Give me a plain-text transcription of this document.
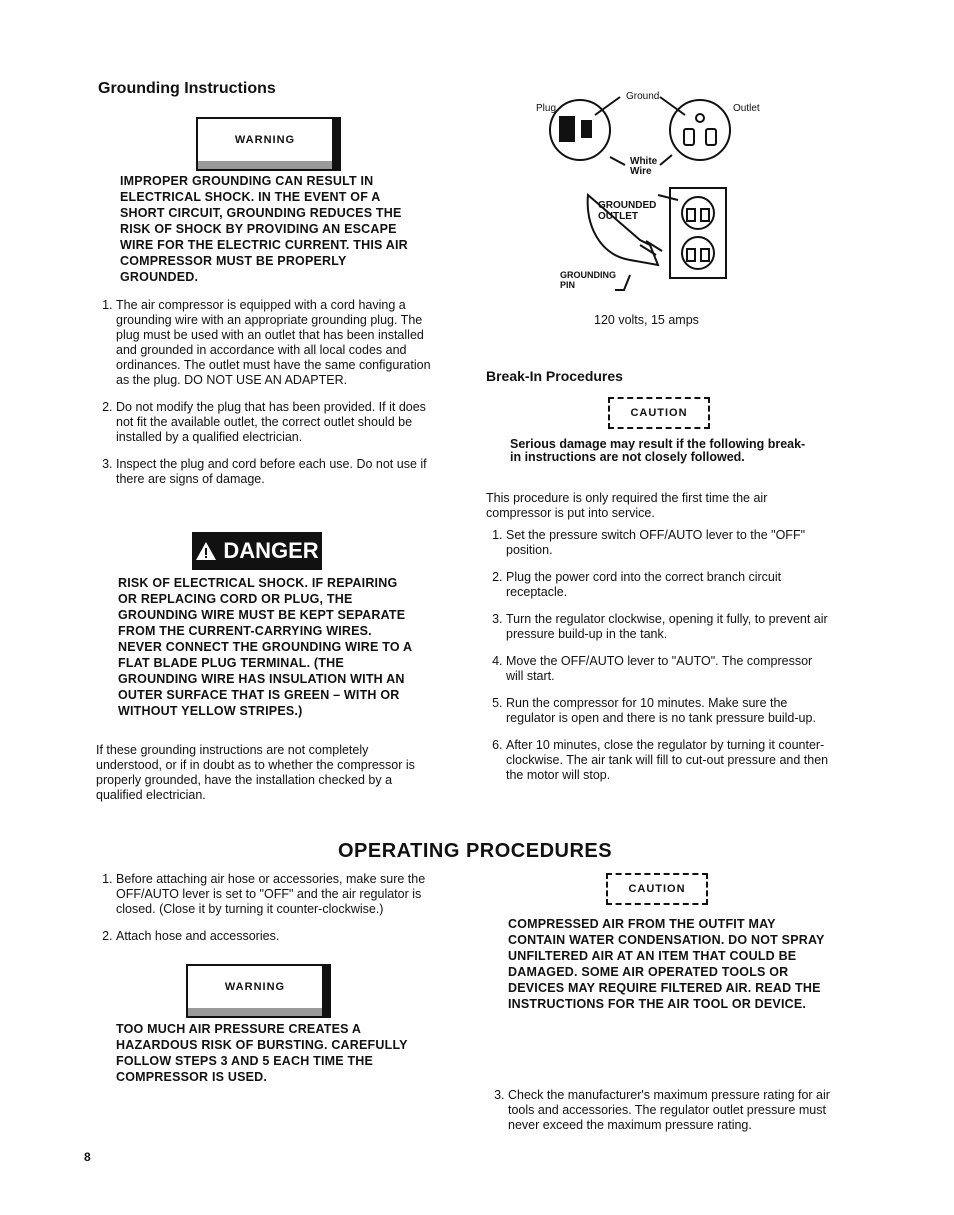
Grounding Instructions
WARNING
IMPROPER GROUNDING CAN RESULT IN ELECTRICAL SHOCK. IN THE EVENT OF A SHORT CIRCUIT, GROUNDING REDUCES THE RISK OF SHOCK BY PROVIDING AN ESCAPE WIRE FOR THE ELECTRIC CURRENT. THIS AIR COMPRESSOR MUST BE PROPERLY GROUNDED.
1. The air compressor is equipped with a cord having a grounding wire with an appropriate grounding plug. The plug must be used with an outlet that has been installed and grounded in accordance with all local codes and ordinances. The outlet must have the same configuration as the plug. DO NOT USE AN ADAPTER.
2. Do not modify the plug that has been provided. If it does not fit the available outlet, the correct outlet should be installed by a qualified electrician.
3. Inspect the plug and cord before each use. Do not use if there are signs of damage.
DANGER
RISK OF ELECTRICAL SHOCK. IF REPAIRING OR REPLACING CORD OR PLUG, THE GROUNDING WIRE MUST BE KEPT SEPARATE FROM THE CURRENT-CARRYING WIRES. NEVER CONNECT THE GROUNDING WIRE TO A FLAT BLADE PLUG TERMINAL. (THE GROUNDING WIRE HAS INSULATION WITH AN OUTER SURFACE THAT IS GREEN – WITH OR WITHOUT YELLOW STRIPES.)
If these grounding instructions are not completely understood, or if in doubt as to whether the compressor is properly grounded, have the installation checked by a qualified electrician.
Plug
Ground
Outlet
White Wire
GROUNDED OUTLET
GROUNDING PIN
120 volts, 15 amps
Break-In Procedures
CAUTION
Serious damage may result if the following break-in instructions are not closely followed.
This procedure is only required the first time the air compressor is put into service.
1. Set the pressure switch OFF/AUTO lever to the "OFF" position.
2. Plug the power cord into the correct branch circuit receptacle.
3. Turn the regulator clockwise, opening it fully, to prevent air pressure build-up in the tank.
4. Move the OFF/AUTO lever to "AUTO". The compressor will start.
5. Run the compressor for 10 minutes. Make sure the regulator is open and there is no tank pressure build-up.
6. After 10 minutes, close the regulator by turning it counter-clockwise. The air tank will fill to cut-out pressure and then the motor will stop.
OPERATING PROCEDURES
1. Before attaching air hose or accessories, make sure the OFF/AUTO lever is set to "OFF" and the air regulator is closed. (Close it by turning it counter-clockwise.)
2. Attach hose and accessories.
WARNING
TOO MUCH AIR PRESSURE CREATES A HAZARDOUS RISK OF BURSTING. CAREFULLY FOLLOW STEPS 3 AND 5 EACH TIME THE COMPRESSOR IS USED.
CAUTION
COMPRESSED AIR FROM THE OUTFIT MAY CONTAIN WATER CONDENSATION. DO NOT SPRAY UNFILTERED AIR AT AN ITEM THAT COULD BE DAMAGED. SOME AIR OPERATED TOOLS OR DEVICES MAY REQUIRE FILTERED AIR. READ THE INSTRUCTIONS FOR THE AIR TOOL OR DEVICE.
3. Check the manufacturer's maximum pressure rating for air tools and accessories. The regulator outlet pressure must never exceed the maximum pressure rating.
8
